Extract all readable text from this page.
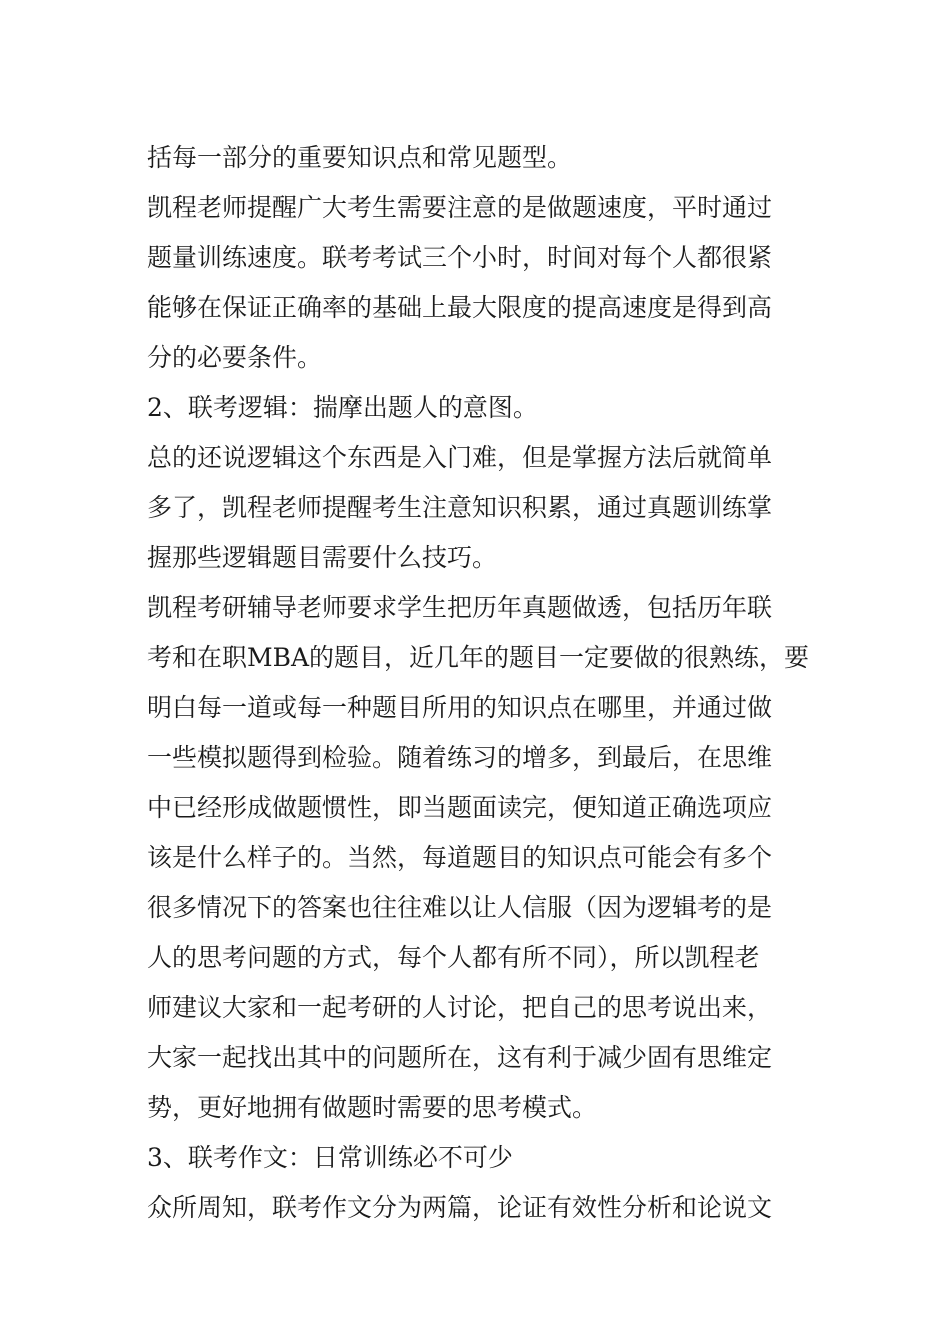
括每一部分的重要知识点和常见题型。
凯程老师提醒广大考生需要注意的是做题速度，平时通过
题量训练速度。联考考试三个小时，时间对每个人都很紧
能够在保证正确率的基础上最大限度的提高速度是得到高
分的必要条件。
2、联考逻辑：揣摩出题人的意图。
总的还说逻辑这个东西是入门难，但是掌握方法后就简单
多了，凯程老师提醒考生注意知识积累，通过真题训练掌
握那些逻辑题目需要什么技巧。
凯程考研辅导老师要求学生把历年真题做透，包括历年联
考和在职MBA的题目，近几年的题目一定要做的很熟练，要
明白每一道或每一种题目所用的知识点在哪里，并通过做
一些模拟题得到检验。随着练习的增多，到最后，在思维
中已经形成做题惯性，即当题面读完，便知道正确选项应
该是什么样子的。当然，每道题目的知识点可能会有多个
很多情况下的答案也往往难以让人信服（因为逻辑考的是
人的思考问题的方式，每个人都有所不同），所以凯程老
师建议大家和一起考研的人讨论，把自己的思考说出来，
大家一起找出其中的问题所在，这有利于减少固有思维定
势，更好地拥有做题时需要的思考模式。
3、联考作文：日常训练必不可少
众所周知，联考作文分为两篇，论证有效性分析和论说文
